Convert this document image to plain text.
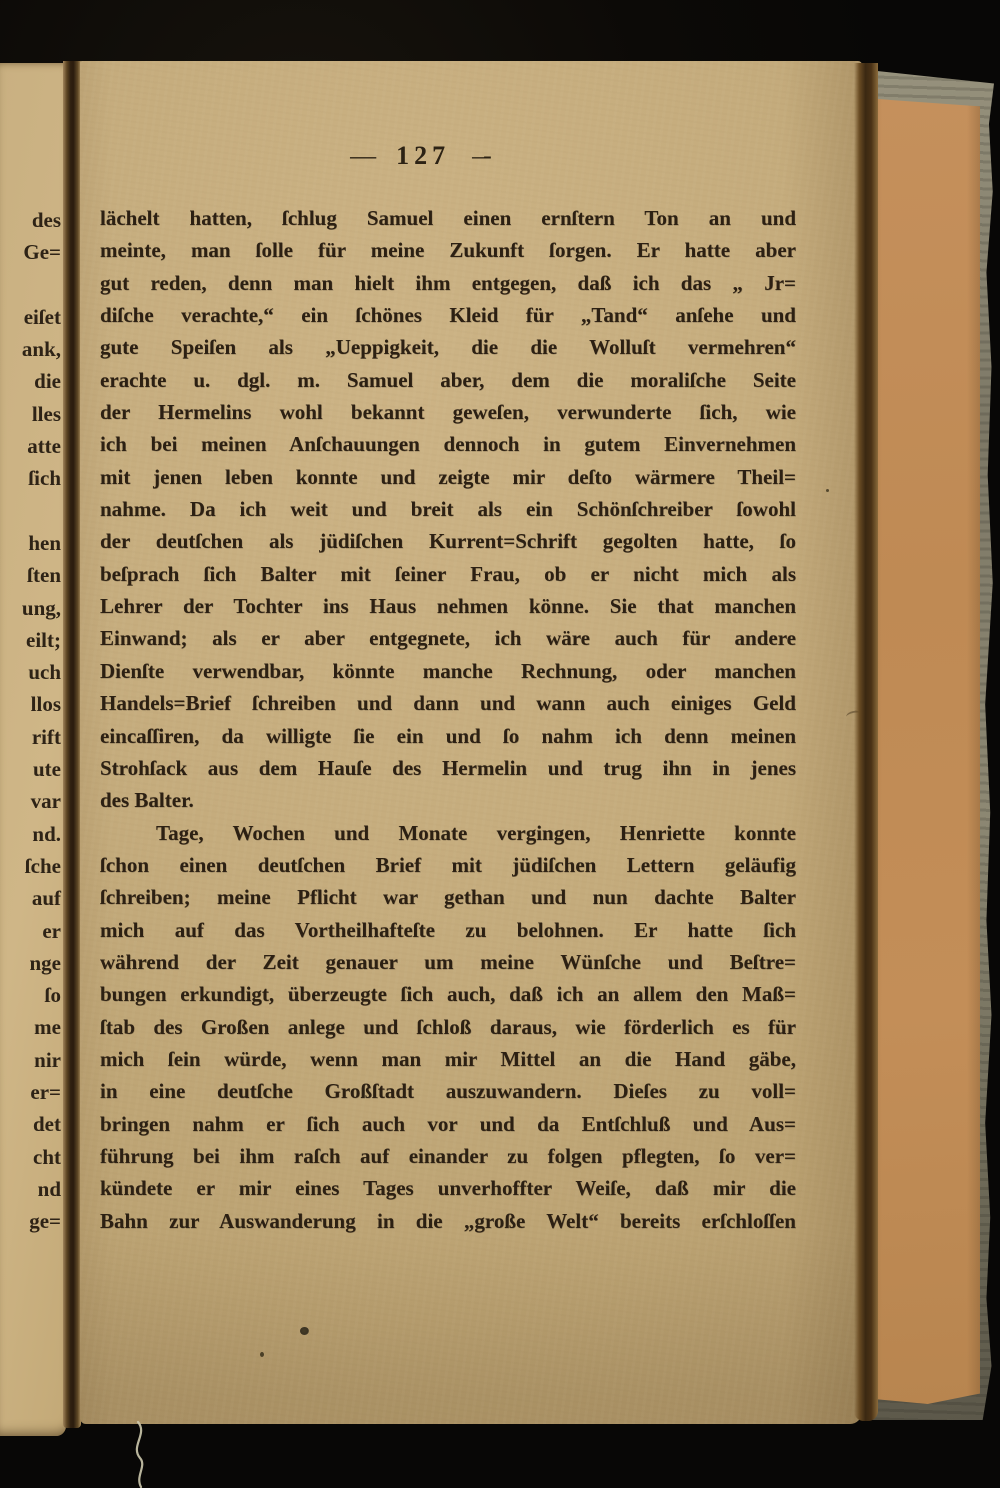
des
Ge=

eiſet
ank,
die
lles
atte
ſich

hen
ſten
ung,
eilt;
uch
llos
rift
ute
var
nd.
ſche
auf
er
nge
ſo
me
nir
er=
det
cht
nd
ge=
— 127 –-
lächelt hatten, ſchlug Samuel einen ernſtern Ton an und
meinte, man ſolle für meine Zukunft ſorgen. Er hatte aber
gut reden, denn man hielt ihm entgegen, daß ich das „ Jr=
diſche verachte,“ ein ſchönes Kleid für „Tand“ anſehe und
gute Speiſen als „Ueppigkeit, die die Wolluſt vermehren“
erachte u. dgl. m. Samuel aber, dem die moraliſche Seite
der Hermelins wohl bekannt geweſen, verwunderte ſich, wie
ich bei meinen Anſchauungen dennoch in gutem Einvernehmen
mit jenen leben konnte und zeigte mir deſto wärmere Theil=
nahme. Da ich weit und breit als ein Schönſchreiber ſowohl
der deutſchen als jüdiſchen Kurrent=Schrift gegolten hatte, ſo
beſprach ſich Balter mit ſeiner Frau, ob er nicht mich als
Lehrer der Tochter ins Haus nehmen könne. Sie that manchen
Einwand; als er aber entgegnete, ich wäre auch für andere
Dienſte verwendbar, könnte manche Rechnung, oder manchen
Handels=Brief ſchreiben und dann und wann auch einiges Geld
eincaſſiren, da willigte ſie ein und ſo nahm ich denn meinen
Strohſack aus dem Hauſe des Hermelin und trug ihn in jenes
des Balter.
Tage, Wochen und Monate vergingen, Henriette konnte
ſchon einen deutſchen Brief mit jüdiſchen Lettern geläufig
ſchreiben; meine Pflicht war gethan und nun dachte Balter
mich auf das Vortheilhafteſte zu belohnen. Er hatte ſich
während der Zeit genauer um meine Wünſche und Beſtre=
bungen erkundigt, überzeugte ſich auch, daß ich an allem den Maß=
ſtab des Großen anlege und ſchloß daraus, wie förderlich es für
mich ſein würde, wenn man mir Mittel an die Hand gäbe,
in eine deutſche Großſtadt auszuwandern. Dieſes zu voll=
bringen nahm er ſich auch vor und da Entſchluß und Aus=
führung bei ihm raſch auf einander zu folgen pflegten, ſo ver=
kündete er mir eines Tages unverhoffter Weiſe, daß mir die
Bahn zur Auswanderung in die „große Welt“ bereits erſchloſſen
